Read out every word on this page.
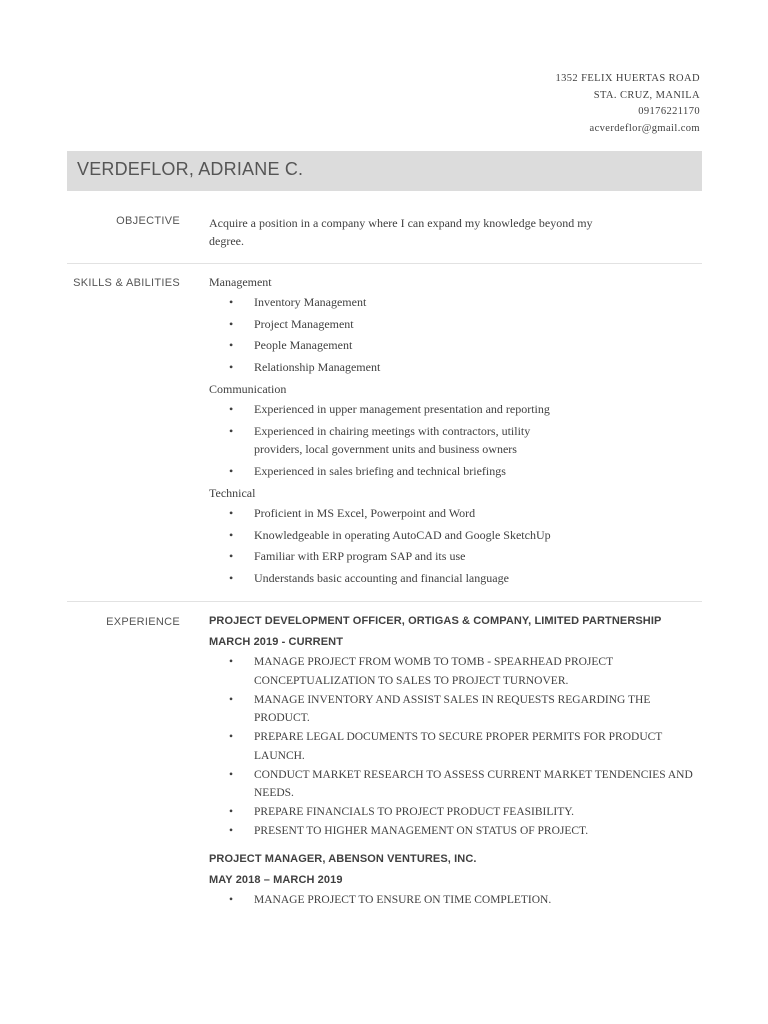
1352 FELIX HUERTAS ROAD
STA. CRUZ, MANILA
09176221170
acverdeflor@gmail.com
VERDEFLOR, ADRIANE C.
OBJECTIVE Acquire a position in a company where I can expand my knowledge beyond my degree.

SKILLS & ABILITIES Management

• Inventory Management
• Project Management
• People Management
• Relationship Management

Communication

• Experienced in upper management presentation and reporting
• Experienced in chairing meetings with contractors, utility providers, local government units and business owners
• Experienced in sales briefing and technical briefings

Technical

• Proficient in MS Excel, Powerpoint and Word
• Knowledgeable in operating AutoCAD and Google SketchUp
• Familiar with ERP program SAP and its use
• Understands basic accounting and financial language
EXPERIENCE	PROJECT DEVELOPMENT OFFICER, ORTIGAS & COMPANY, LIMITED PARTNERSHIP
MARCH 2019 - CURRENT
• MANAGE PROJECT FROM WOMB TO TOMB - SPEARHEAD PROJECT CONCEPTUALIZATION TO SALES TO PROJECT TURNOVER.
• MANAGE INVENTORY AND ASSIST SALES IN REQUESTS REGARDING THE PRODUCT.
• PREPARE LEGAL DOCUMENTS TO SECURE PROPER PERMITS FOR PRODUCT LAUNCH.
• CONDUCT MARKET RESEARCH TO ASSESS CURRENT MARKET TENDENCIES AND NEEDS.
• PREPARE FINANCIALS TO PROJECT PRODUCT FEASIBILITY.
• PRESENT TO HIGHER MANAGEMENT ON STATUS OF PROJECT.
PROJECT MANAGER, ABENSON VENTURES, INC.
MAY 2018 – MARCH 2019
• MANAGE PROJECT TO ENSURE ON TIME COMPLETION.
